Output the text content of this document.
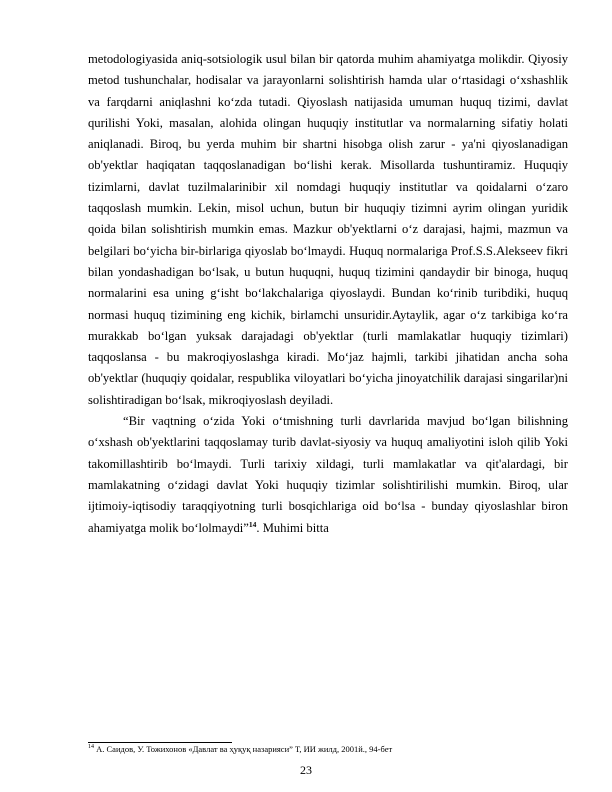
metodologiyasida aniq-sotsiologik usul bilan bir qatorda muhim ahamiyatga molikdir. Qiyosiy metod tushunchalar, hodisalar va jarayonlarni solishtirish hamda ular o‘rtasidagi o‘xshashlik va farqdarni aniqlashni ko‘zda tutadi. Qiyoslash natijasida umuman huquq tizimi, davlat qurilishi Yoki, masalan, alohida olingan huquqiy institutlar va normalarning sifatiy holati aniqlanadi. Biroq, bu yerda muhim bir shartni hisobga olish zarur - ya'ni qiyoslanadigan ob'yektlar haqiqatan taqqoslanadigan bo‘lishi kerak. Misollarda tushuntiramiz. Huquqiy tizimlarni, davlat tuzilmalarinibir xil nomdagi huquqiy institutlar va qoidalarni o‘zaro taqqoslash mumkin. Lekin, misol uchun, butun bir huquqiy tizimni ayrim olingan yuridik qoida bilan solishtirish mumkin emas. Mazkur ob'yektlarni o‘z darajasi, hajmi, mazmun va belgilari bo‘yicha bir-birlariga qiyoslab bo‘lmaydi. Huquq normalariga Prof.S.S.Alekseev fikri bilan yondashadigan bo‘lsak, u butun huquqni, huquq tizimini qandaydir bir binoga, huquq normalarini esa uning g‘isht bo‘lakchalariga qiyoslaydi. Bundan ko‘rinib turibdiki, huquq normasi huquq tizimining eng kichik, birlamchi unsuridir.Aytaylik, agar o‘z tarkibiga ko‘ra murakkab bo‘lgan yuksak darajadagi ob'yektlar (turli mamlakatlar huquqiy tizimlari) taqqoslansa - bu makroqiyoslashga kiradi. Mo‘jaz hajmli, tarkibi jihatidan ancha soha ob'yektlar (huquqiy qoidalar, respublika viloyatlari bo‘yicha jinoyatchilik darajasi singarilar)ni solishtiradigan bo‘lsak, mikroqiyoslash deyiladi.

“Bir vaqtning o‘zida Yoki o‘tmishning turli davrlarida mavjud bo‘lgan bilishning o‘xshash ob'yektlarini taqqoslamay turib davlat-siyosiy va huquq amaliyotini isloh qilib Yoki takomillashtirib bo‘lmaydi. Turli tarixiy xildagi, turli mamlakatlar va qit'alardagi, bir mamlakatning o‘zidagi davlat Yoki huquqiy tizimlar solishtirilishi mumkin. Biroq, ular ijtimoiy-iqtisodiy taraqqiyotning turli bosqichlariga oid bo‘lsa - bunday qiyoslashlar biron ahamiyatga molik bo‘lolmaydi”$^{14}$. Muhimi bitta

$^{14}$ А. Саидов, У. Тожихонов «Давлат ва ҳуқуқ назарияси” Т, ИИ жилд, 2001й., 94-бет
23
